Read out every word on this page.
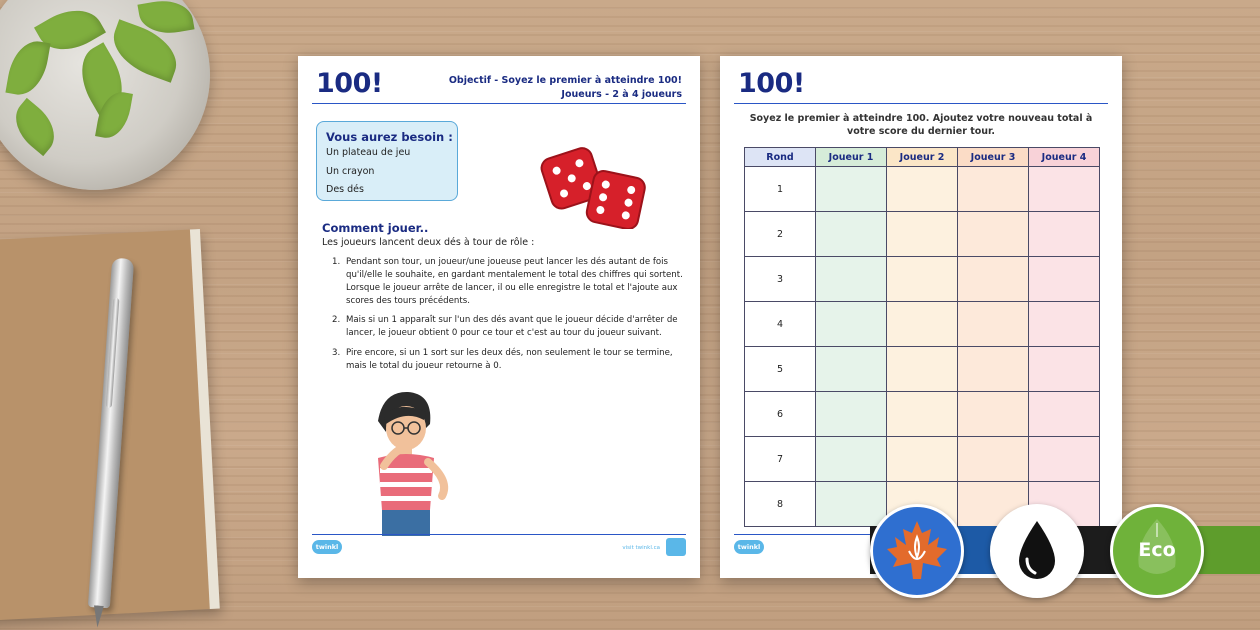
100!	Objectif - Soyez le premier à atteindre 100!
Joueurs - 2 à 4 joueurs
Vous aurez besoin :
Un plateau de jeu
Un crayon
Des dés
Comment jouer..
Les joueurs lancent deux dés à tour de rôle :
1. Pendant son tour, un joueur/une joueuse peut lancer les dés autant de fois qu'il/elle le souhaite, en gardant mentalement le total des chiffres qui sortent. Lorsque le joueur arrête de lancer, il ou elle enregistre le total et l'ajoute aux scores des tours précédents.
2. Mais si un 1 apparaît sur l'un des dés avant que le joueur décide d'arrêter de lancer, le joueur obtient 0 pour ce tour et c'est au tour du joueur suivant.
3. Pire encore, si un 1 sort sur les deux dés, non seulement le tour se termine, mais le total du joueur retourne à 0.
twinkl	visit twinkl.ca
100!
Soyez le premier à atteindre 100. Ajoutez votre nouveau total à votre score du dernier tour.
Rond	Joueur 1	Joueur 2	Joueur 3	Joueur 4
1				
2				
3				
4				
5				
6				
7				
8				
twinkl	Eco
